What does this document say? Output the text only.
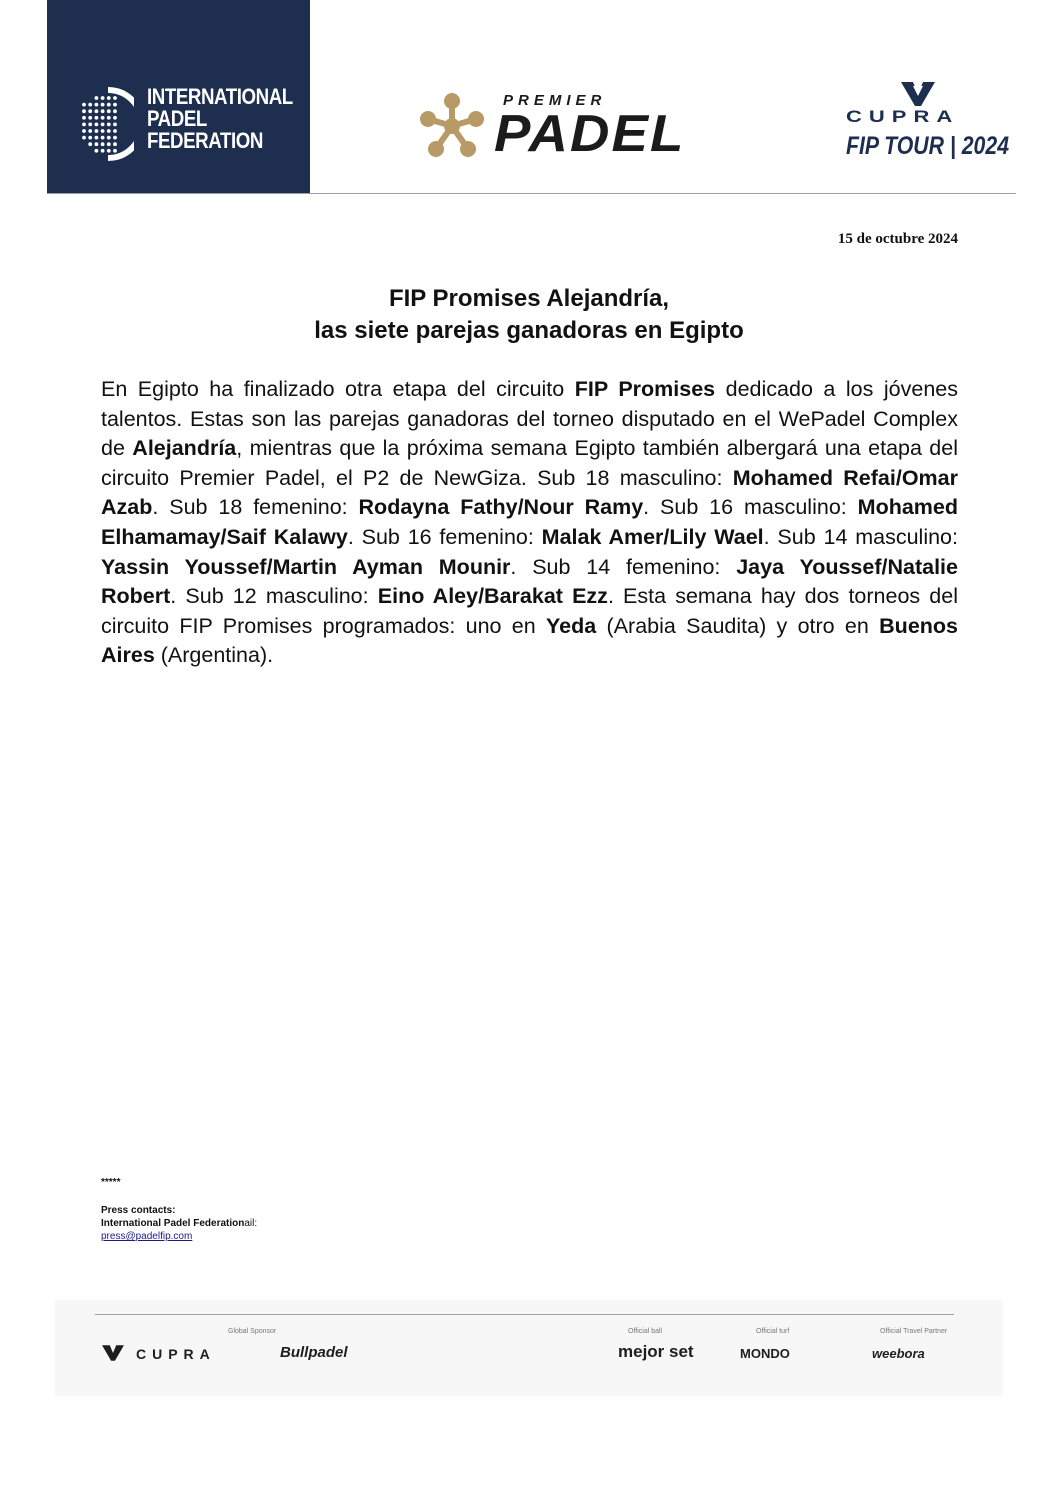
INTERNATIONAL
PADEL
FEDERATION
PREMIER
PADEL	CUPRA
FIP TOUR | 2024
15 de octubre 2024
FIP Promises Alejandría,
las siete parejas ganadoras en Egipto
En Egipto ha finalizado otra etapa del circuito FIP Promises dedicado a los jóvenes talentos. Estas son las parejas ganadoras del torneo disputado en el WePadel Complex de Alejandría, mientras que la próxima semana Egipto también albergará una etapa del circuito Premier Padel, el P2 de NewGiza. Sub 18 masculino: Mohamed Refai/Omar Azab. Sub 18 femenino: Rodayna Fathy/Nour Ramy. Sub 16 masculino: Mohamed Elhamamay/Saif Kalawy. Sub 16 femenino: Malak Amer/Lily Wael. Sub 14 masculino: Yassin Youssef/Martin Ayman Mounir. Sub 14 femenino: Jaya Youssef/Natalie Robert. Sub 12 masculino: Eino Aley/Barakat Ezz. Esta semana hay dos torneos del circuito FIP Promises programados: uno en Yeda (Arabia Saudita) y otro en Buenos Aires (Argentina).
*****
Press contacts:
International Padel Federationail:
press@padelfip.com
Global Sponsor	Official ball	Official turf	Official Travel Partner
CUPRA	Bullpadel	mejor set	MONDO	weebora
